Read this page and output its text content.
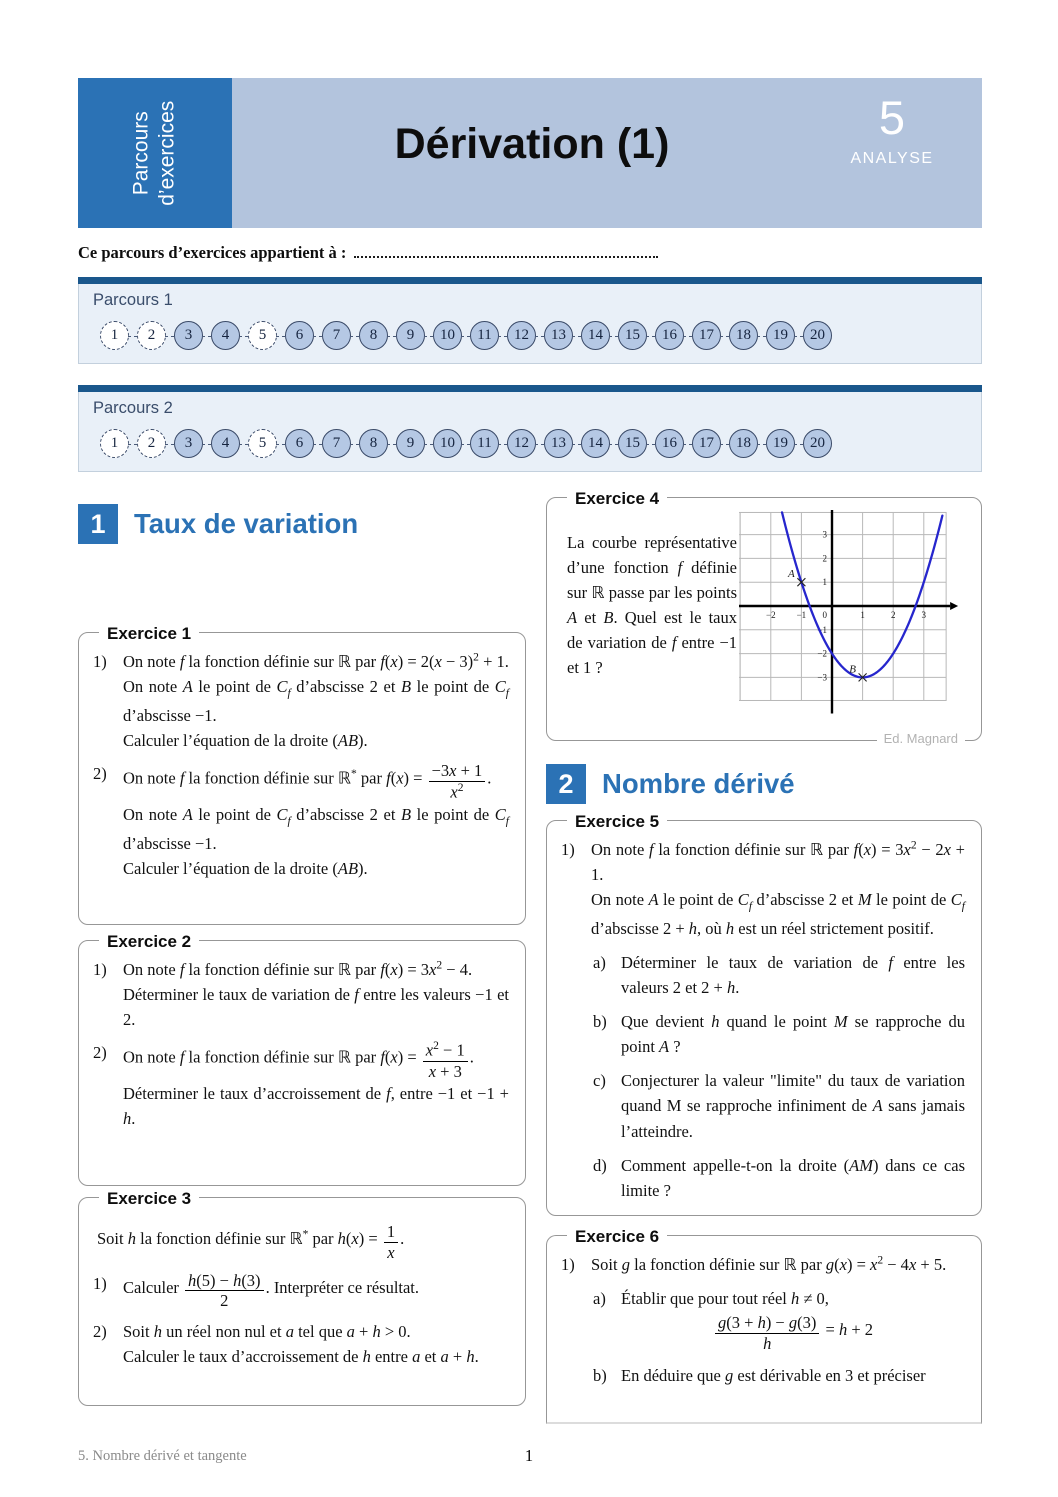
Parcours d’exercices	Dérivation (1)	5
ANALYSE
Ce parcours d’exercices appartient à :
Parcours 1
1	2	3	4	5	6	7	8	9	10	11	12	13	14	15	16	17	18	19	20
Parcours 2
1	2	3	4	5	6	7	8	9	10	11	12	13	14	15	16	17	18	19	20
1	Taux de variation
Exercice 1
1) On note f la fonction définie sur ℝ par $f(x) = 2(x - 3)^2 + 1$.
On note A le point de $C_f$ d’abscisse 2 et B le point de $C_f$ d’abscisse −1.
Calculer l’équation de la droite (AB).
2) On note f la fonction définie sur ℝ* par $f(x) = \frac{-3x + 1}{x^2}$ .
On note A le point de $C_f$ d’abscisse 2 et B le point de $C_f$ d’abscisse −1.
Calculer l’équation de la droite (AB).
Exercice 2
1) On note f la fonction définie sur ℝ par $f(x) = 3x^2 - 4$.
Déterminer le taux de variation de f entre les valeurs −1 et 2.
2) On note f la fonction définie sur ℝ par $f(x) = \frac{x^2 - 1}{x + 3}$ .
Déterminer le taux d’accroissement de f, entre −1 et −1 + h.
Exercice 3
Soit h la fonction définie sur ℝ* par $h(x) = \frac{1}{x}$ .
1) Calculer $\frac{h(5) - h(3)}{2}$ . Interpréter ce résultat.
2) Soit h un réel non nul et a tel que a + h > 0.
Calculer le taux d’accroissement de h entre a et a + h.
Exercice 4
La courbe représentative d’une fonction f définie sur ℝ passe par les points A et B. Quel est le taux de variation de f entre −1 et 1 ?
−2 −1 0	1	2	3
3
2
1
−1
−2
−3
A
B
Ed. Magnard
2	Nombre dérivé
Exercice 5
1) On note f la fonction définie sur ℝ par $f(x) = 3x^2 - 2x + 1$.
On note A le point de $C_f$ d’abscisse 2 et M le point de $C_f$ d’abscisse 2 + h, où h est un réel strictement positif.
a) Déterminer le taux de variation de f entre les valeurs 2 et 2 + h.
b) Que devient h quand le point M se rapproche du point A ?
c) Conjecturer la valeur "limite" du taux de variation quand M se rapproche infiniment de A sans jamais l’atteindre.
d) Comment appelle-t-on la droite (AM) dans ce cas limite ?
Exercice 6
1) Soit g la fonction définie sur ℝ par $g(x) = x^2 - 4x + 5$.
a) Établir que pour tout réel h ≠ 0,
$\frac{g(3 + h) - g(3)}{h} = h + 2$
b) En déduire que g est dérivable en 3 et préciser
5. Nombre dérivé et tangente	1
